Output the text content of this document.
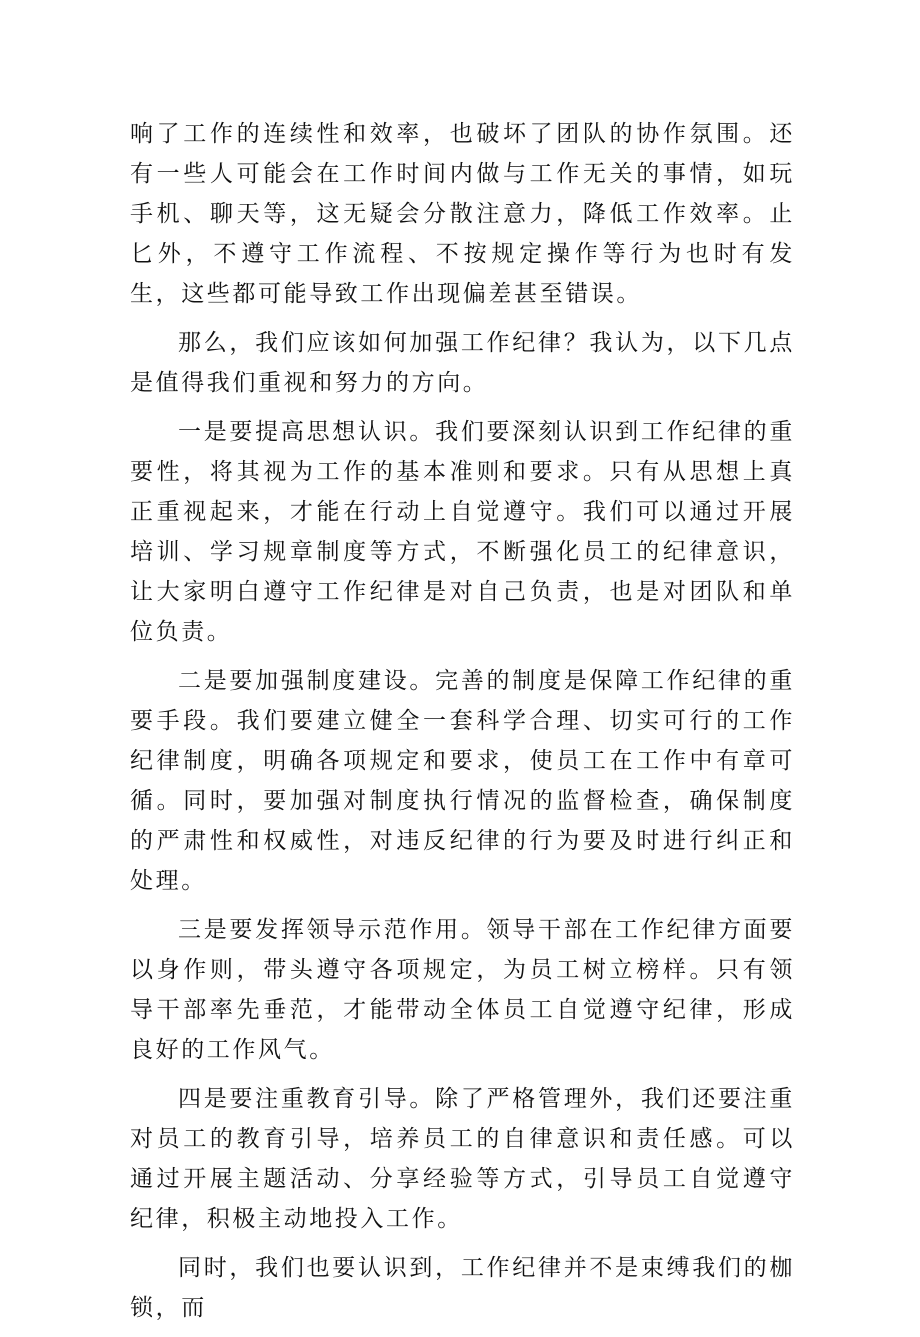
响了工作的连续性和效率，也破坏了团队的协作氛围。还有一些人可能会在工作时间内做与工作无关的事情，如玩手机、聊天等，这无疑会分散注意力，降低工作效率。止匕外，不遵守工作流程、不按规定操作等行为也时有发生，这些都可能导致工作出现偏差甚至错误。

那么，我们应该如何加强工作纪律？我认为，以下几点是值得我们重视和努力的方向。

一是要提高思想认识。我们要深刻认识到工作纪律的重要性，将其视为工作的基本准则和要求。只有从思想上真正重视起来，才能在行动上自觉遵守。我们可以通过开展培训、学习规章制度等方式，不断强化员工的纪律意识，让大家明白遵守工作纪律是对自己负责，也是对团队和单位负责。

二是要加强制度建设。完善的制度是保障工作纪律的重要手段。我们要建立健全一套科学合理、切实可行的工作纪律制度，明确各项规定和要求，使员工在工作中有章可循。同时，要加强对制度执行情况的监督检查，确保制度的严肃性和权威性，对违反纪律的行为要及时进行纠正和处理。

三是要发挥领导示范作用。领导干部在工作纪律方面要以身作则，带头遵守各项规定，为员工树立榜样。只有领导干部率先垂范，才能带动全体员工自觉遵守纪律，形成良好的工作风气。

四是要注重教育引导。除了严格管理外，我们还要注重对员工的教育引导，培养员工的自律意识和责任感。可以通过开展主题活动、分享经验等方式，引导员工自觉遵守纪律，积极主动地投入工作。

同时，我们也要认识到，工作纪律并不是束缚我们的枷锁，而
